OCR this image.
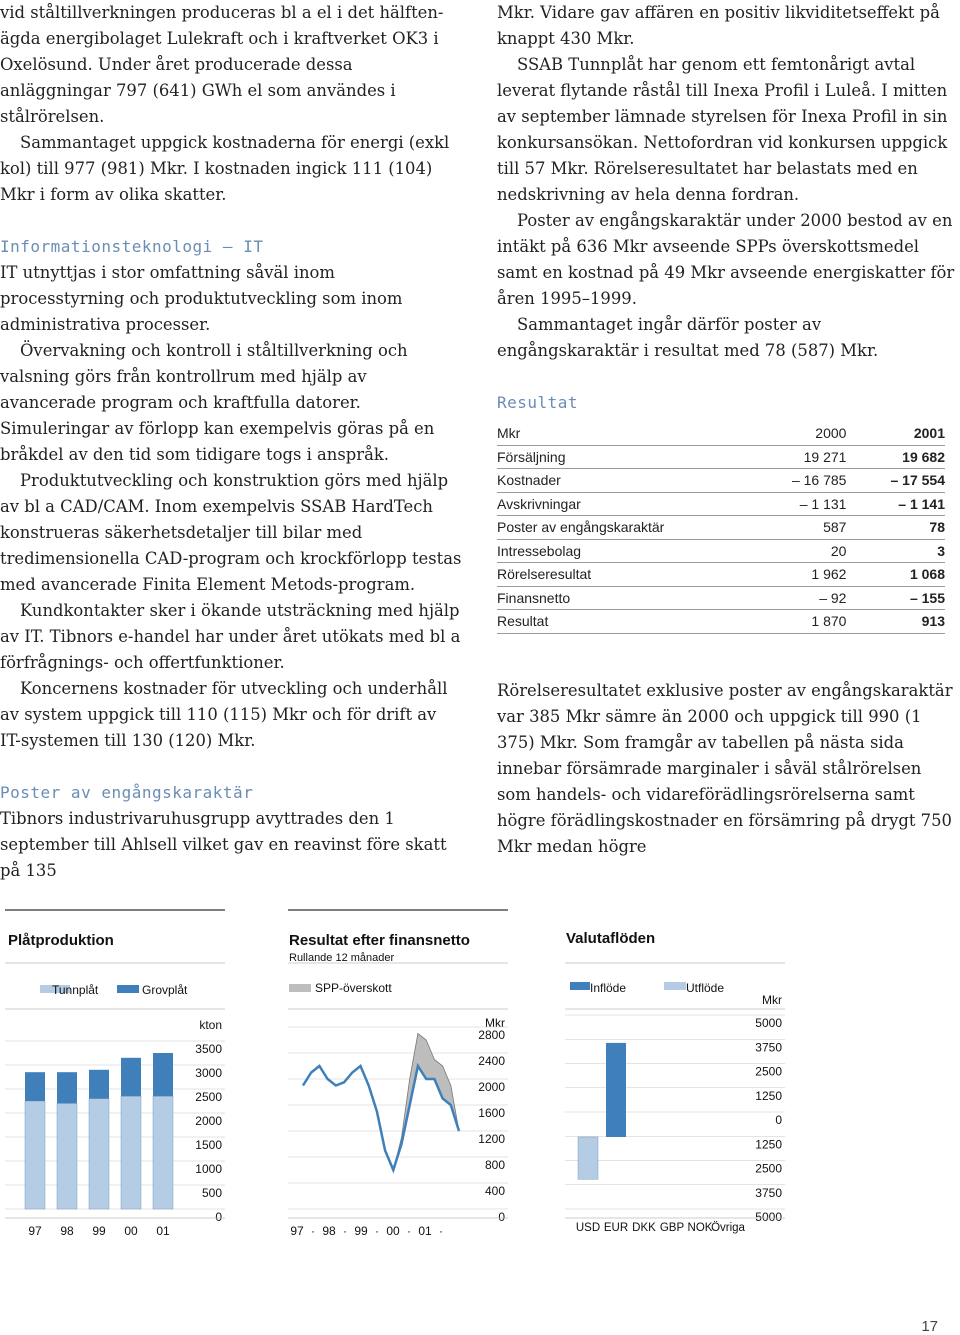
vid ståltillverkningen produceras bl a el i det hälften-ägda energibolaget Lulekraft och i kraftverket OK3 i Oxelösund. Under året producerade dessa anläggningar 797 (641) GWh el som användes i stålrörelsen.

Sammantaget uppgick kostnaderna för energi (exkl kol) till 977 (981) Mkr. I kostnaden ingick 111 (104) Mkr i form av olika skatter.

Informationsteknologi – IT

IT utnyttjas i stor omfattning såväl inom processtyrning och produktutveckling som inom administrativa processer.

Övervakning och kontroll i ståltillverkning och valsning görs från kontrollrum med hjälp av avancerade program och kraftfulla datorer. Simuleringar av förlopp kan exempelvis göras på en bråkdel av den tid som tidigare togs i anspråk.

Produktutveckling och konstruktion görs med hjälp av bl a CAD/CAM. Inom exempelvis SSAB HardTech konstrueras säkerhetsdetaljer till bilar med tredimensionella CAD-program och krockförlopp testas med avancerade Finita Element Metods-program.

Kundkontakter sker i ökande utsträckning med hjälp av IT. Tibnors e-handel har under året utökats med bl a förfrågnings- och offertfunktioner.

Koncernens kostnader för utveckling och underhåll av system uppgick till 110 (115) Mkr och för drift av IT-systemen till 130 (120) Mkr.

Poster av engångskaraktär

Tibnors industrivaruhusgrupp avyttrades den 1 september till Ahlsell vilket gav en reavinst före skatt på 135

Mkr. Vidare gav affären en positiv likviditetseffekt på knappt 430 Mkr.

SSAB Tunnplåt har genom ett femtonårigt avtal leverat flytande råstål till Inexa Profil i Luleå. I mitten av september lämnade styrelsen för Inexa Profil in sin konkursansökan. Nettofordran vid konkursen uppgick till 57 Mkr. Rörelseresultatet har belastats med en nedskrivning av hela denna fordran.

Poster av engångskaraktär under 2000 bestod av en intäkt på 636 Mkr avseende SPPs överskottsmedel samt en kostnad på 49 Mkr avseende energiskatter för åren 1995–1999.

Sammantaget ingår därför poster av engångskaraktär i resultat med 78 (587) Mkr.

Resultat

Mkr	2000	2001
Försäljning	19 271	19 682
Kostnader	– 16 785	– 17 554
Avskrivningar	– 1 131	– 1 141
Poster av engångskaraktär	587	78
Intressebolag	20	3
Rörelseresultat	1 962	1 068
Finansnetto	– 92	– 155
Resultat	1 870	913

Rörelseresultatet exklusive poster av engångskaraktär var 385 Mkr sämre än 2000 och uppgick till 990 (1 375) Mkr. Som framgår av tabellen på nästa sida innebar försämrade marginaler i såväl stålrörelsen som handels- och vidareförädlingsrörelserna samt högre förädlingskostnader en försämring på drygt 750 Mkr medan högre

Plåtproduktion
Tunnplåt	Grovplåt
kton
3500
3000
2500
2000
1500
1000
500
0
97 98 99 00 01
Resultat efter finansnetto
Rullande 12 månader
SPP-överskott
Mkr
2800
2400
2000
1600
1200
800
400
0
97 · 98 · 99 · 00 · 01 ·
Valutaflöden
Inflöde	Utflöde
Mkr
5000
3750
2500
1250
0
1250
2500
3750
5000
USD EUR DKK GBP NOK
Övriga
17
